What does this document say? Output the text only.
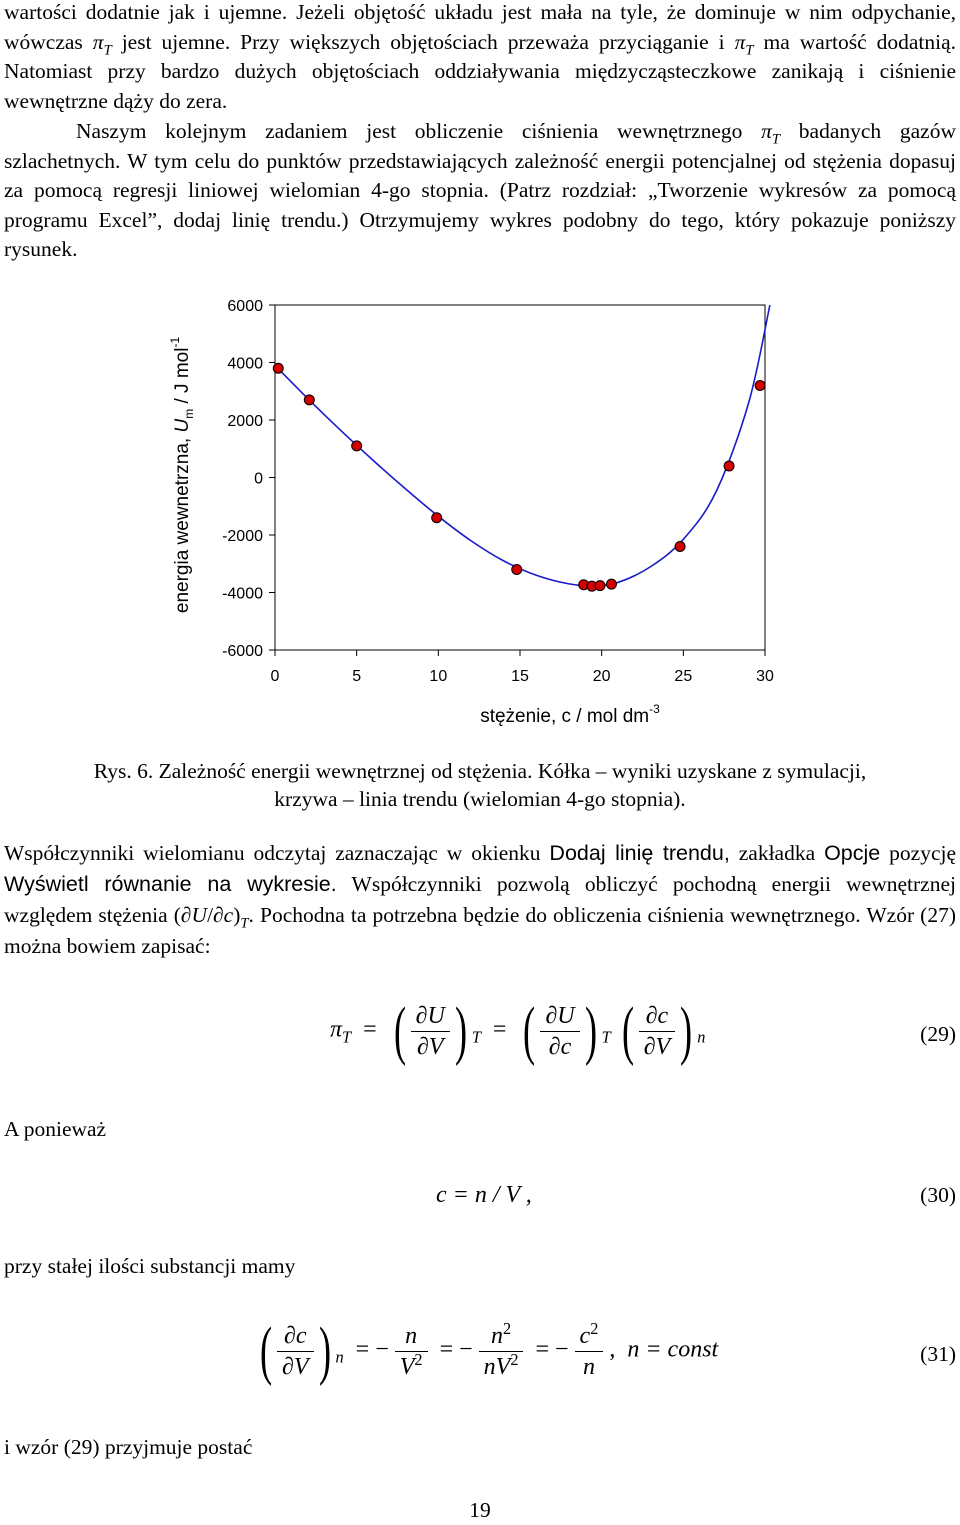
wartości dodatnie jak i ujemne. Jeżeli objętość układu jest mała na tyle, że dominuje w nim odpychanie, wówczas $\pi_T$ jest ujemne. Przy większych objętościach przeważa przyciąganie i $\pi_T$ ma wartość dodatnią. Natomiast przy bardzo dużych objętościach oddziaływania międzycząsteczkowe zanikają i ciśnienie wewnętrzne dąży do zera.

Naszym kolejnym zadaniem jest obliczenie ciśnienia wewnętrznego $\pi_T$ badanych gazów szlachetnych. W tym celu do punktów przedstawiających zależność energii potencjalnej od stężenia dopasuj za pomocą regresji liniowej wielomian 4-go stopnia. (Patrz rozdział: „Tworzenie wykresów za pomocą programu Excel”, dodaj linię trendu.) Otrzymujemy wykres podobny do tego, który pokazuje poniższy rysunek.

6000
4000
2000
0
-2000
-4000
-6000
0	5	10	15	20	25	30
stężenie, c / mol $dm^{-3}$
energia wewnetrzna, $U_m$ / J mol$^{-1}$
Rys. 6. Zależność energii wewnętrznej od stężenia. Kółka – wyniki uzyskane z symulacji,
krzywa – linia trendu (wielomian 4-go stopnia).

Współczynniki wielomianu odczytaj zaznaczając w okienku Dodaj linię trendu, zakładka Opcje pozycję Wyświetl równanie na wykresie. Współczynniki pozwolą obliczyć pochodną energii wewnętrznej względem stężenia $(\partial U/\partial c)_T$. Pochodna ta potrzebna będzie do obliczenia ciśnienia wewnętrznego. Wzór (27) można bowiem zapisać:

$\pi_T$  =  ( $\frac{\partial U}{\partial V}$ ) $_T$  =  ( $\frac{\partial U}{\partial c}$ ) $_T$ ( $\frac{\partial c}{\partial V}$ ) $_n$	(29)
A ponieważ
c = n / V ,	(30)
przy stałej ilości substancji mamy
( $\frac{\partial c}{\partial V}$ ) $_n$  = − $\frac{n}{V^2}$ = − $\frac{n^2}{nV^2}$ = − $\frac{c^2}{n}$ ,  n = const	(31)
i wzór (29) przyjmuje postać
19
